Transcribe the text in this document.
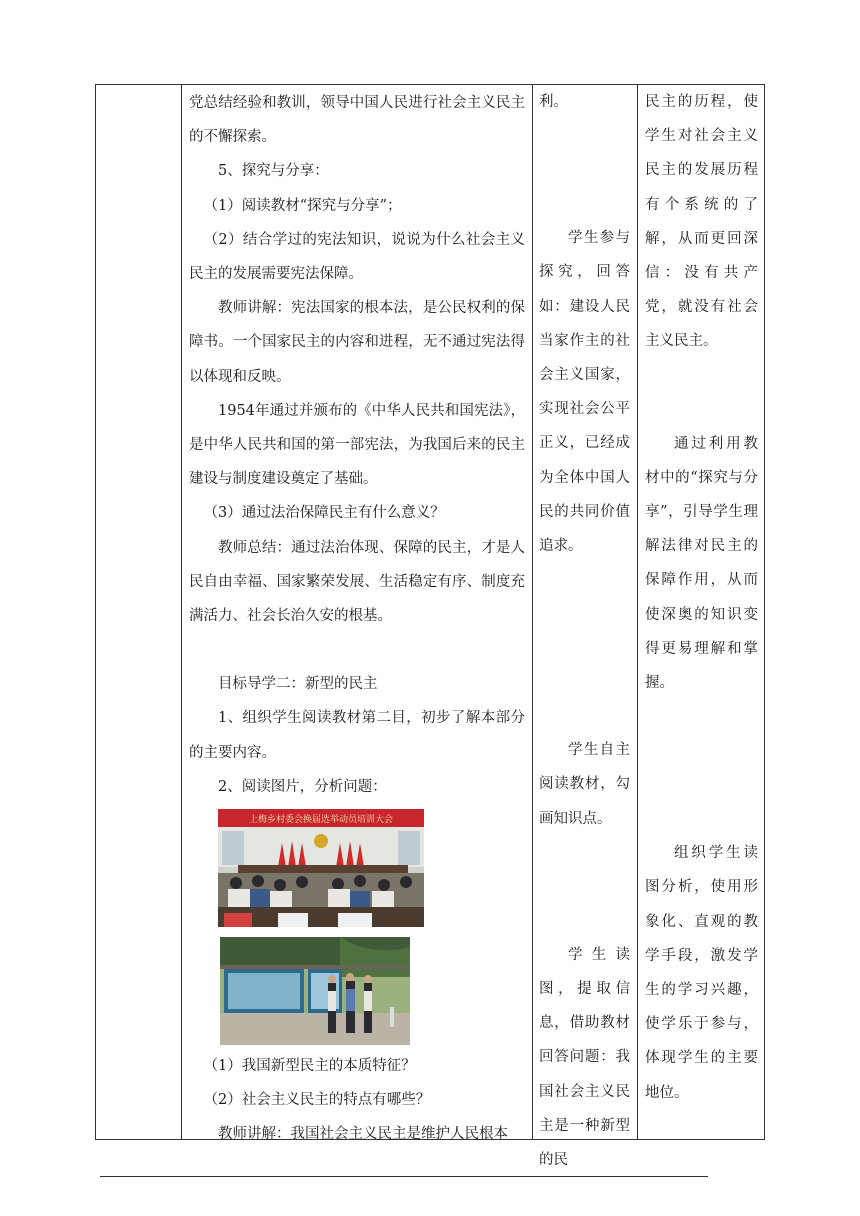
党总结经验和教训，领导中国人民进行社会主义民主的不懈探索。

5、探究与分享：

（1）阅读教材“探究与分享”；

（2）结合学过的宪法知识，说说为什么社会主义民主的发展需要宪法保障。

教师讲解：宪法国家的根本法，是公民权利的保障书。一个国家民主的内容和进程，无不通过宪法得以体现和反映。

1954年通过并颁布的《中华人民共和国宪法》，是中华人民共和国的第一部宪法，为我国后来的民主建设与制度建设奠定了基础。

（3）通过法治保障民主有什么意义？

教师总结：通过法治体现、保障的民主，才是人民自由幸福、国家繁荣发展、生活稳定有序、制度充满活力、社会长治久安的根基。

目标导学二：新型的民主

1、组织学生阅读教材第二目，初步了解本部分的主要内容。

2、阅读图片，分析问题：

上梅乡村委会换届选举动员培训大会

（1）我国新型民主的本质特征？

（2）社会主义民主的特点有哪些？

教师讲解：我国社会主义民主是维护人民根本

利。

学生参与探究，回答如：建设人民当家作主的社会主义国家，实现社会公平正义，已经成为全体中国人民的共同价值追求。

学生自主阅读教材，勾画知识点。

学生读图，提取信息，借助教材回答问题：我国社会主义民主是一种新型的民

民主的历程，使学生对社会主义民主的发展历程有个系统的了解，从而更回深信：没有共产党，就没有社会主义民主。

通过利用教材中的“探究与分享”，引导学生理解法律对民主的保障作用，从而使深奥的知识变得更易理解和掌握。

组织学生读图分析，使用形象化、直观的教学手段，激发学生的学习兴趣，使学乐于参与，体现学生的主要地位。
